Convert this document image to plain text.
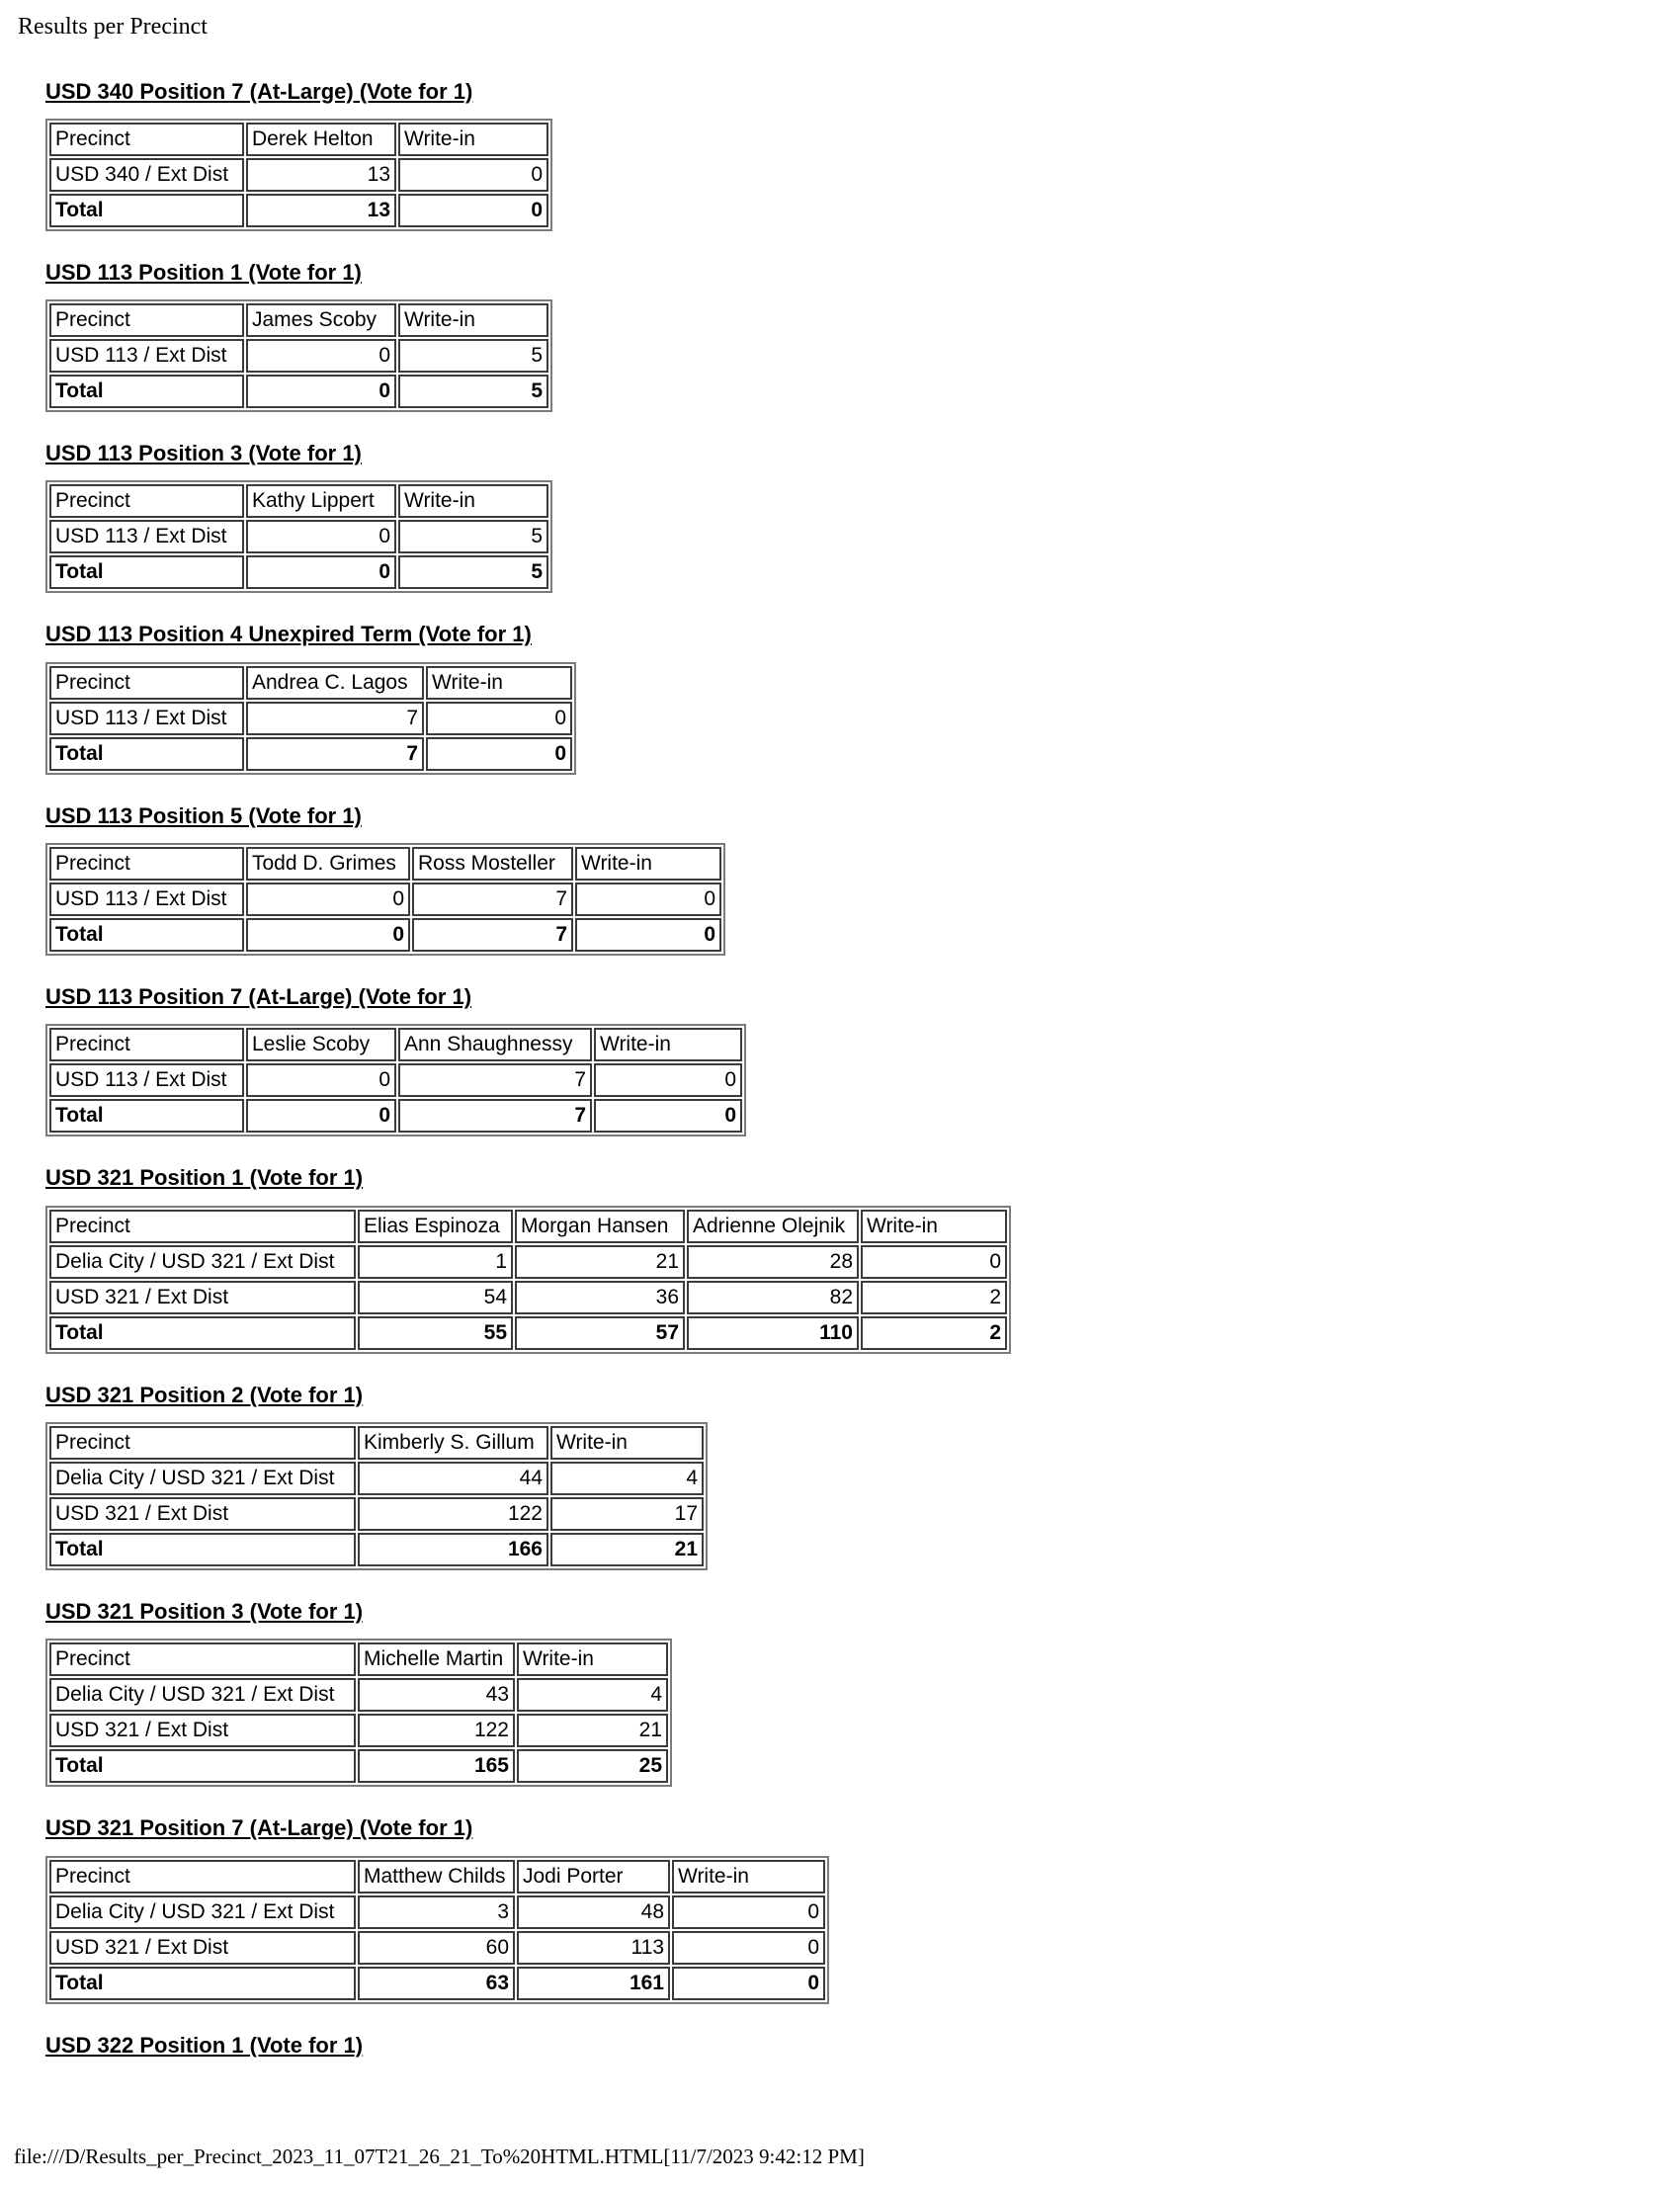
Results per Precinct
USD 340 Position 7 (At-Large) (Vote for 1)
Precinct	Derek Helton	Write-in
USD 340 / Ext Dist	13	0
Total	13	0
USD 113 Position 1 (Vote for 1)
Precinct	James Scoby	Write-in
USD 113 / Ext Dist	0	5
Total	0	5
USD 113 Position 3 (Vote for 1)
Precinct	Kathy Lippert	Write-in
USD 113 / Ext Dist	0	5
Total	0	5
USD 113 Position 4 Unexpired Term (Vote for 1)
Precinct	Andrea C. Lagos	Write-in
USD 113 / Ext Dist	7	0
Total	7	0
USD 113 Position 5 (Vote for 1)
Precinct	Todd D. Grimes	Ross Mosteller	Write-in
USD 113 / Ext Dist	0	7	0
Total	0	7	0
USD 113 Position 7 (At-Large) (Vote for 1)
Precinct	Leslie Scoby	Ann Shaughnessy	Write-in
USD 113 / Ext Dist	0	7	0
Total	0	7	0
USD 321 Position 1 (Vote for 1)
Precinct	Elias Espinoza	Morgan Hansen	Adrienne Olejnik	Write-in
Delia City / USD 321 / Ext Dist	1	21	28	0
USD 321 / Ext Dist	54	36	82	2
Total	55	57	110	2
USD 321 Position 2 (Vote for 1)
Precinct	Kimberly S. Gillum	Write-in
Delia City / USD 321 / Ext Dist	44	4
USD 321 / Ext Dist	122	17
Total	166	21
USD 321 Position 3 (Vote for 1)
Precinct	Michelle Martin	Write-in
Delia City / USD 321 / Ext Dist	43	4
USD 321 / Ext Dist	122	21
Total	165	25
USD 321 Position 7 (At-Large) (Vote for 1)
Precinct	Matthew Childs	Jodi Porter	Write-in
Delia City / USD 321 / Ext Dist	3	48	0
USD 321 / Ext Dist	60	113	0
Total	63	161	0
USD 322 Position 1 (Vote for 1)
file:///D/Results_per_Precinct_2023_11_07T21_26_21_To%20HTML.HTML[11/7/2023 9:42:12 PM]
